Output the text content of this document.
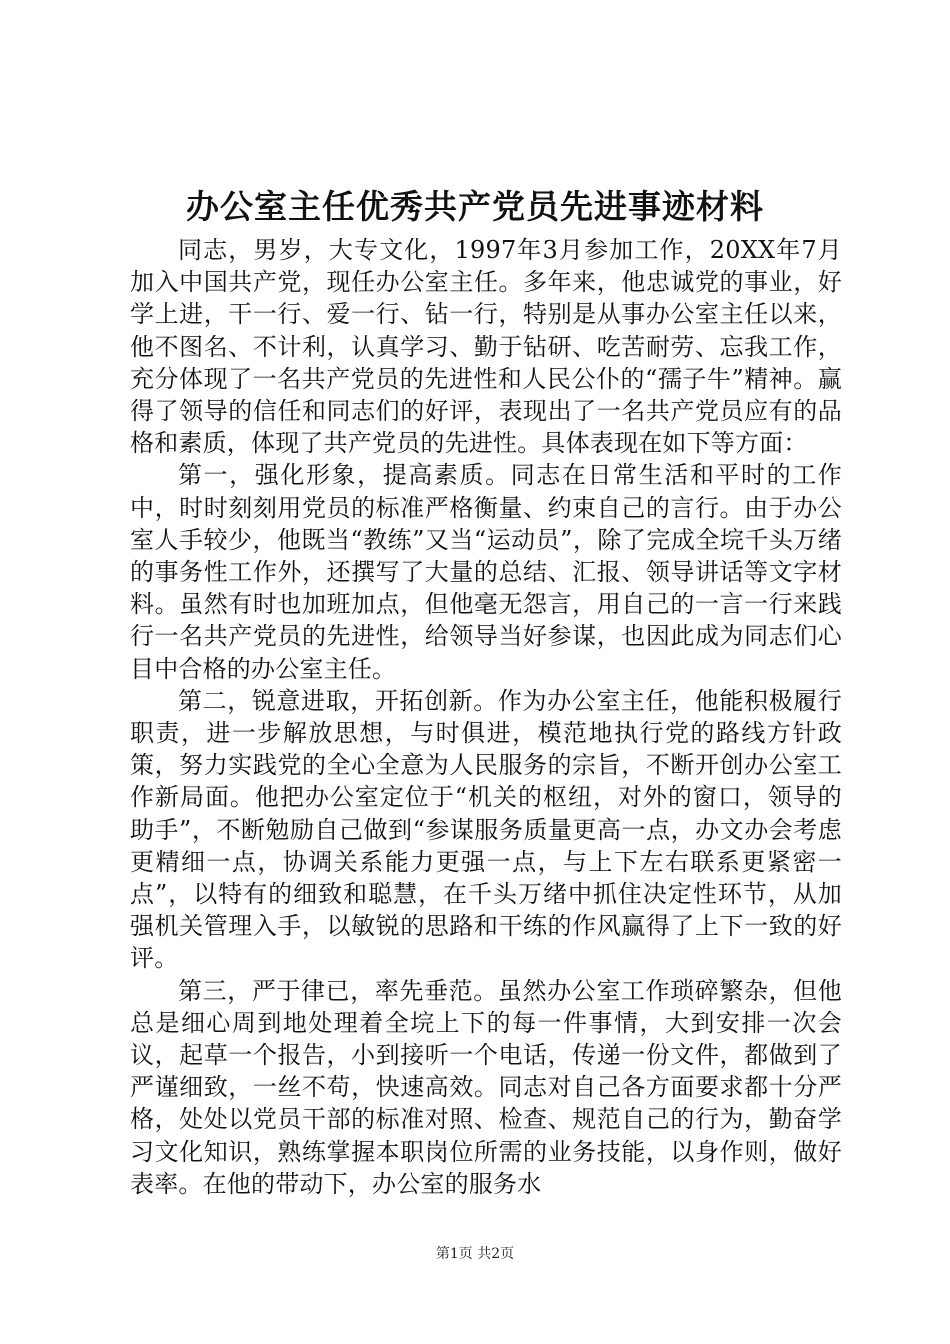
办公室主任优秀共产党员先进事迹材料

同志，男岁，大专文化，1997年3月参加工作，20XX年7月加入中国共产党，现任办公室主任。多年来，他忠诚党的事业，好学上进，干一行、爱一行、钻一行，特别是从事办公室主任以来，他不图名、不计利，认真学习、勤于钻研、吃苦耐劳、忘我工作，充分体现了一名共产党员的先进性和人民公仆的“孺子牛”精神。赢得了领导的信任和同志们的好评，表现出了一名共产党员应有的品格和素质，体现了共产党员的先进性。具体表现在如下等方面：

第一，强化形象，提高素质。同志在日常生活和平时的工作中，时时刻刻用党员的标准严格衡量、约束自己的言行。由于办公室人手较少，他既当“教练”又当“运动员”，除了完成全垸千头万绪的事务性工作外，还撰写了大量的总结、汇报、领导讲话等文字材料。虽然有时也加班加点，但他毫无怨言，用自己的一言一行来践行一名共产党员的先进性，给领导当好参谋，也因此成为同志们心目中合格的办公室主任。

第二，锐意进取，开拓创新。作为办公室主任，他能积极履行职责，进一步解放思想，与时俱进，模范地执行党的路线方针政策，努力实践党的全心全意为人民服务的宗旨，不断开创办公室工作新局面。他把办公室定位于“机关的枢纽，对外的窗口，领导的助手”，不断勉励自己做到“参谋服务质量更高一点，办文办会考虑更精细一点，协调关系能力更强一点，与上下左右联系更紧密一点”，以特有的细致和聪慧，在千头万绪中抓住决定性环节，从加强机关管理入手，以敏锐的思路和干练的作风赢得了上下一致的好评。

第三，严于律已，率先垂范。虽然办公室工作琐碎繁杂，但他总是细心周到地处理着全垸上下的每一件事情，大到安排一次会议，起草一个报告，小到接听一个电话，传递一份文件，都做到了严谨细致，一丝不苟，快速高效。同志对自己各方面要求都十分严格，处处以党员干部的标准对照、检查、规范自己的行为，勤奋学习文化知识，熟练掌握本职岗位所需的业务技能，以身作则，做好表率。在他的带动下，办公室的服务水

第1页 共2页
